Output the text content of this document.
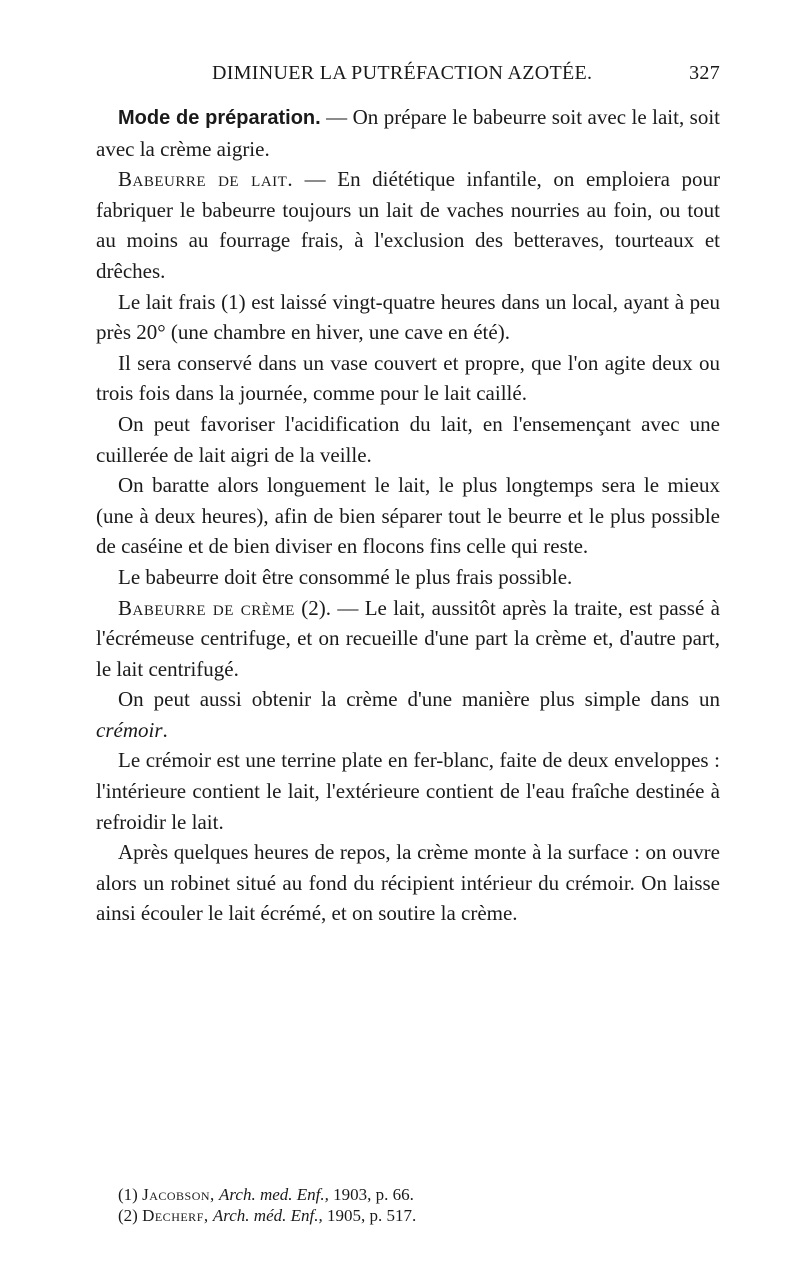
DIMINUER LA PUTRÉFACTION AZOTÉE.	327

Mode de préparation. — On prépare le babeurre soit avec le lait, soit avec la crème aigrie.

Babeurre de lait. — En diététique infantile, on emploiera pour fabriquer le babeurre toujours un lait de vaches nourries au foin, ou tout au moins au fourrage frais, à l'exclusion des betteraves, tourteaux et drêches.

Le lait frais (1) est laissé vingt-quatre heures dans un local, ayant à peu près 20° (une chambre en hiver, une cave en été).

Il sera conservé dans un vase couvert et propre, que l'on agite deux ou trois fois dans la journée, comme pour le lait caillé.

On peut favoriser l'acidification du lait, en l'ensemençant avec une cuillerée de lait aigri de la veille.

On baratte alors longuement le lait, le plus longtemps sera le mieux (une à deux heures), afin de bien séparer tout le beurre et le plus possible de caséine et de bien diviser en flocons fins celle qui reste.

Le babeurre doit être consommé le plus frais possible.

Babeurre de crème (2). — Le lait, aussitôt après la traite, est passé à l'écrémeuse centrifuge, et on recueille d'une part la crème et, d'autre part, le lait centrifugé.

On peut aussi obtenir la crème d'une manière plus simple dans un crémoir.

Le crémoir est une terrine plate en fer-blanc, faite de deux enveloppes : l'intérieure contient le lait, l'extérieure contient de l'eau fraîche destinée à refroidir le lait.

Après quelques heures de repos, la crème monte à la surface : on ouvre alors un robinet situé au fond du récipient intérieur du crémoir. On laisse ainsi écouler le lait écrémé, et on soutire la crème.

(1) Jacobson, Arch. med. Enf., 1903, p. 66.

(2) Decherf, Arch. méd. Enf., 1905, p. 517.
